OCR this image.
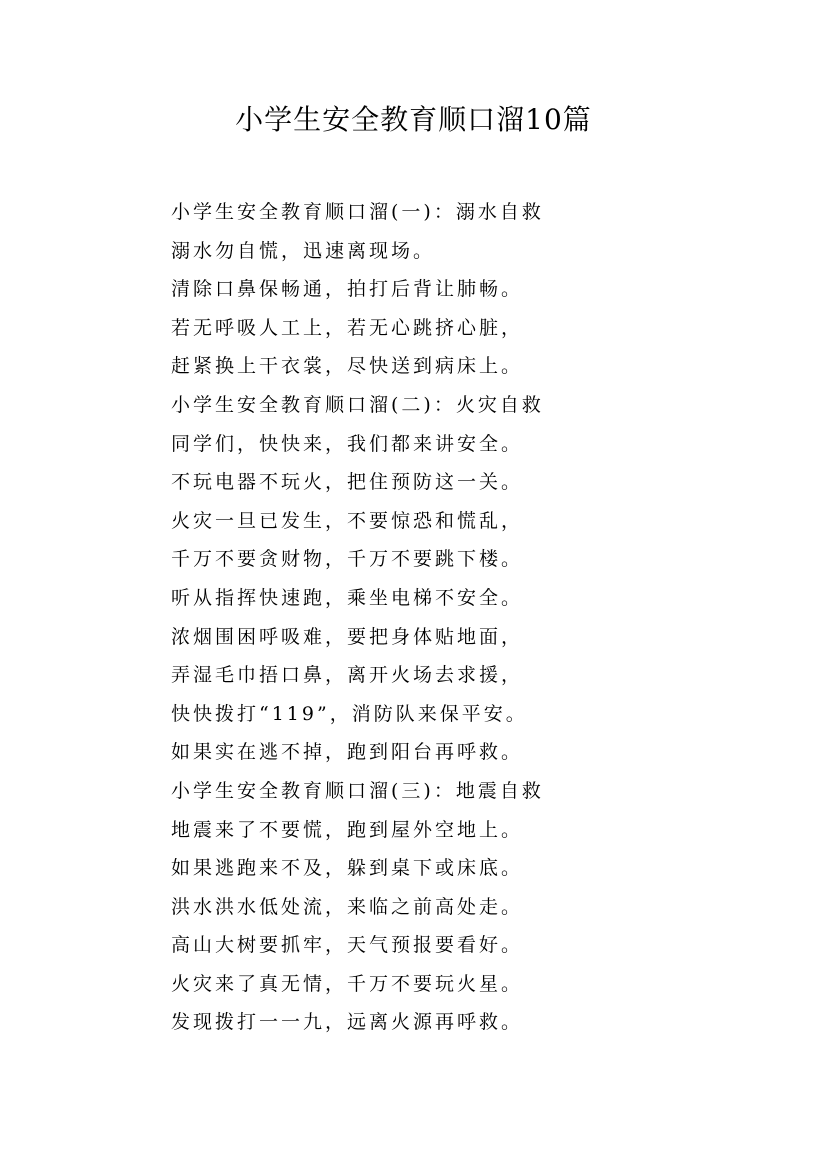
小学生安全教育顺口溜10篇
小学生安全教育顺口溜(一)：溺水自救
溺水勿自慌，迅速离现场。
清除口鼻保畅通，拍打后背让肺畅。
若无呼吸人工上，若无心跳挤心脏，
赶紧换上干衣裳，尽快送到病床上。
小学生安全教育顺口溜(二)：火灾自救
同学们，快快来，我们都来讲安全。
不玩电器不玩火，把住预防这一关。
火灾一旦已发生，不要惊恐和慌乱，
千万不要贪财物，千万不要跳下楼。
听从指挥快速跑，乘坐电梯不安全。
浓烟围困呼吸难，要把身体贴地面，
弄湿毛巾捂口鼻，离开火场去求援，
快快拨打“119”，消防队来保平安。
如果实在逃不掉，跑到阳台再呼救。
小学生安全教育顺口溜(三)：地震自救
地震来了不要慌，跑到屋外空地上。
如果逃跑来不及，躲到桌下或床底。
洪水洪水低处流，来临之前高处走。
高山大树要抓牢，天气预报要看好。
火灾来了真无情，千万不要玩火星。
发现拨打一一九，远离火源再呼救。
